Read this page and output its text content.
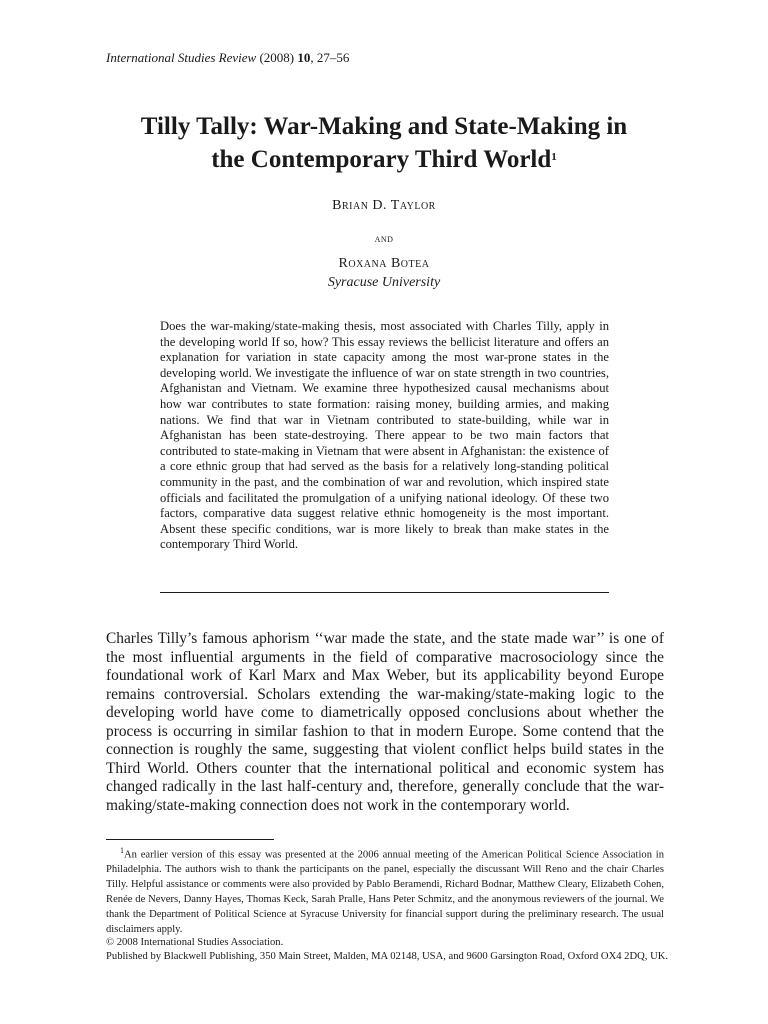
International Studies Review (2008) 10, 27–56
Tilly Tally: War-Making and State-Making in
the Contemporary Third World$^1$
Brian D. Taylor
and
Roxana Botea
Syracuse University
Does the war-making/state-making thesis, most associated with Charles Tilly, apply in the developing world If so, how? This essay reviews the bellicist literature and offers an explanation for variation in state capacity among the most war-prone states in the developing world. We investigate the influence of war on state strength in two countries, Afghanistan and Vietnam. We examine three hypothesized causal mechanisms about how war contributes to state formation: raising money, building armies, and making nations. We find that war in Vietnam contributed to state-building, while war in Afghanistan has been state-destroying. There appear to be two main factors that contributed to state-making in Vietnam that were absent in Afghanistan: the existence of a core ethnic group that had served as the basis for a relatively long-standing political community in the past, and the combination of war and revolution, which inspired state officials and facilitated the promulgation of a unifying national ideology. Of these two factors, comparative data suggest relative ethnic homogeneity is the most important. Absent these specific conditions, war is more likely to break than make states in the contemporary Third World.
Charles Tilly’s famous aphorism ‘‘war made the state, and the state made war’’ is one of the most influential arguments in the field of comparative macrosociology since the foundational work of Karl Marx and Max Weber, but its applicability beyond Europe remains controversial. Scholars extending the war-making/state-making logic to the developing world have come to diametrically opposed conclusions about whether the process is occurring in similar fashion to that in modern Europe. Some contend that the connection is roughly the same, suggesting that violent conflict helps build states in the Third World. Others counter that the international political and economic system has changed radically in the last half-century and, therefore, generally conclude that the war-making/state-making connection does not work in the contemporary world.
$^1$An earlier version of this essay was presented at the 2006 annual meeting of the American Political Science Association in Philadelphia. The authors wish to thank the participants on the panel, especially the discussant Will Reno and the chair Charles Tilly. Helpful assistance or comments were also provided by Pablo Beramendi, Richard Bodnar, Matthew Cleary, Elizabeth Cohen, Renée de Nevers, Danny Hayes, Thomas Keck, Sarah Pralle, Hans Peter Schmitz, and the anonymous reviewers of the journal. We thank the Department of Political Science at Syracuse University for financial support during the preliminary research. The usual disclaimers apply.
© 2008 International Studies Association.
Published by Blackwell Publishing, 350 Main Street, Malden, MA 02148, USA, and 9600 Garsington Road, Oxford OX4 2DQ, UK.
